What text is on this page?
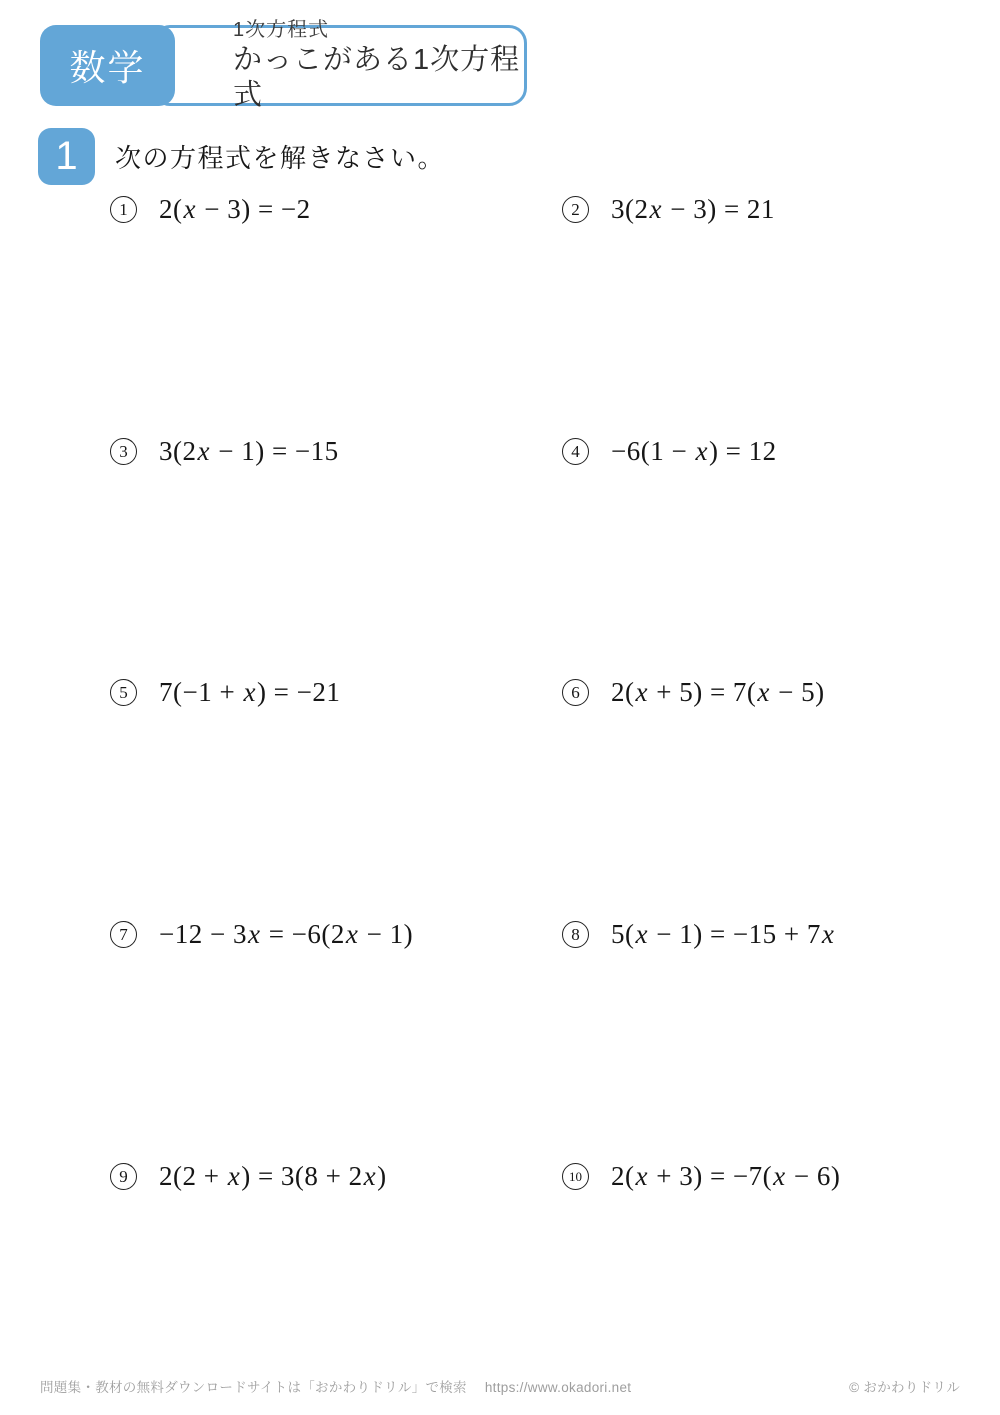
1次方程式
かっこがある1次方程式
数学
1 次の方程式を解きなさい。
1 2(x − 3) = −2	2 3(2x − 3) = 21
3 3(2x − 1) = −15	4 −6(1 − x) = 12
5 7(−1 + x) = −21	6 2(x + 5) = 7(x − 5)
7 −12 − 3x = −6(2x − 1)	8 5(x − 1) = −15 + 7x
9 2(2 + x) = 3(8 + 2x)	10 2(x + 3) = −7(x − 6)
問題集・教材の無料ダウンロードサイトは「おかわりドリル」で検索 https://www.okadori.net	© おかわりドリル
